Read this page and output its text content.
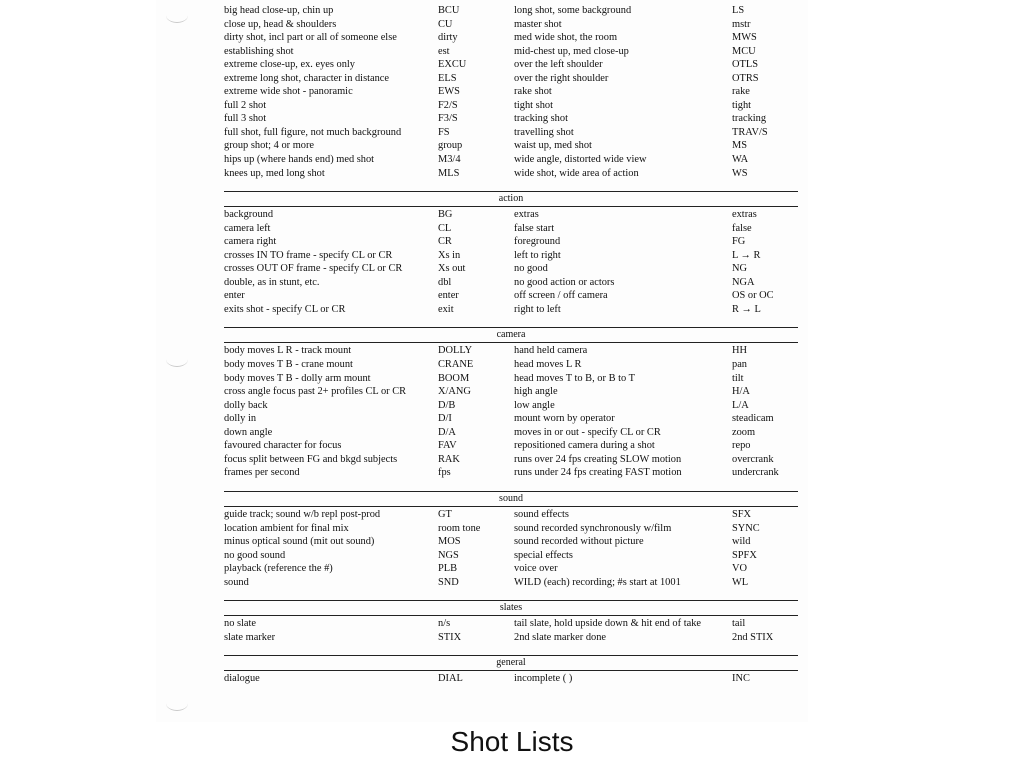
big head close-up, chin up	BCU	long shot, some background	LS
close up, head & shoulders	CU	master shot	mstr
dirty shot, incl part or all of someone else	dirty	med wide shot, the room	MWS
establishing shot	est	mid-chest up, med close-up	MCU
extreme close-up, ex. eyes only	EXCU	over the left shoulder	OTLS
extreme long shot, character in distance	ELS	over the right shoulder	OTRS
extreme wide shot - panoramic	EWS	rake shot	rake
full 2 shot	F2/S	tight shot	tight
full 3 shot	F3/S	tracking shot	tracking
full shot, full figure, not much background	FS	travelling shot	TRAV/S
group shot; 4 or more	group	waist up, med shot	MS
hips up (where hands end) med shot	M3/4	wide angle, distorted wide view	WA
knees up, med long shot	MLS	wide shot, wide area of action	WS
action
background	BG	extras	extras
camera left	CL	false start	false
camera right	CR	foreground	FG
crosses IN TO frame - specify CL or CR	Xs in	left to right	L → R
crosses OUT OF frame - specify CL or CR	Xs out	no good	NG
double, as in stunt, etc.	dbl	no good action or actors	NGA
enter	enter	off screen / off camera	OS or OC
exits shot - specify CL or CR	exit	right to left	R → L
camera
body moves L R - track mount	DOLLY	hand held camera	HH
body moves T B - crane mount	CRANE	head moves L R	pan
body moves T B - dolly arm mount	BOOM	head moves T to B, or B to T	tilt
cross angle focus past 2+ profiles CL or CR	X/ANG	high angle	H/A
dolly back	D/B	low angle	L/A
dolly in	D/I	mount worn by operator	steadicam
down angle	D/A	moves in or out - specify CL or CR	zoom
favoured character for focus	FAV	repositioned camera during a shot	repo
focus split between FG and bkgd subjects	RAK	runs over 24 fps creating SLOW motion	overcrank
frames per second	fps	runs under 24 fps creating FAST motion	undercrank
sound
guide track; sound w/b repl post-prod	GT	sound effects	SFX
location ambient for final mix	room tone	sound recorded synchronously w/film	SYNC
minus optical sound (mit out sound)	MOS	sound recorded without picture	wild
no good sound	NGS	special effects	SPFX
playback (reference the #)	PLB	voice over	VO
sound	SND	WILD (each) recording; #s start at 1001	WL
slates
no slate	n/s	tail slate, hold upside down & hit end of take	tail
slate marker	STIX	2nd slate marker done	2nd STIX
general
dialogue	DIAL	incomplete ( )	INC
Shot Lists
